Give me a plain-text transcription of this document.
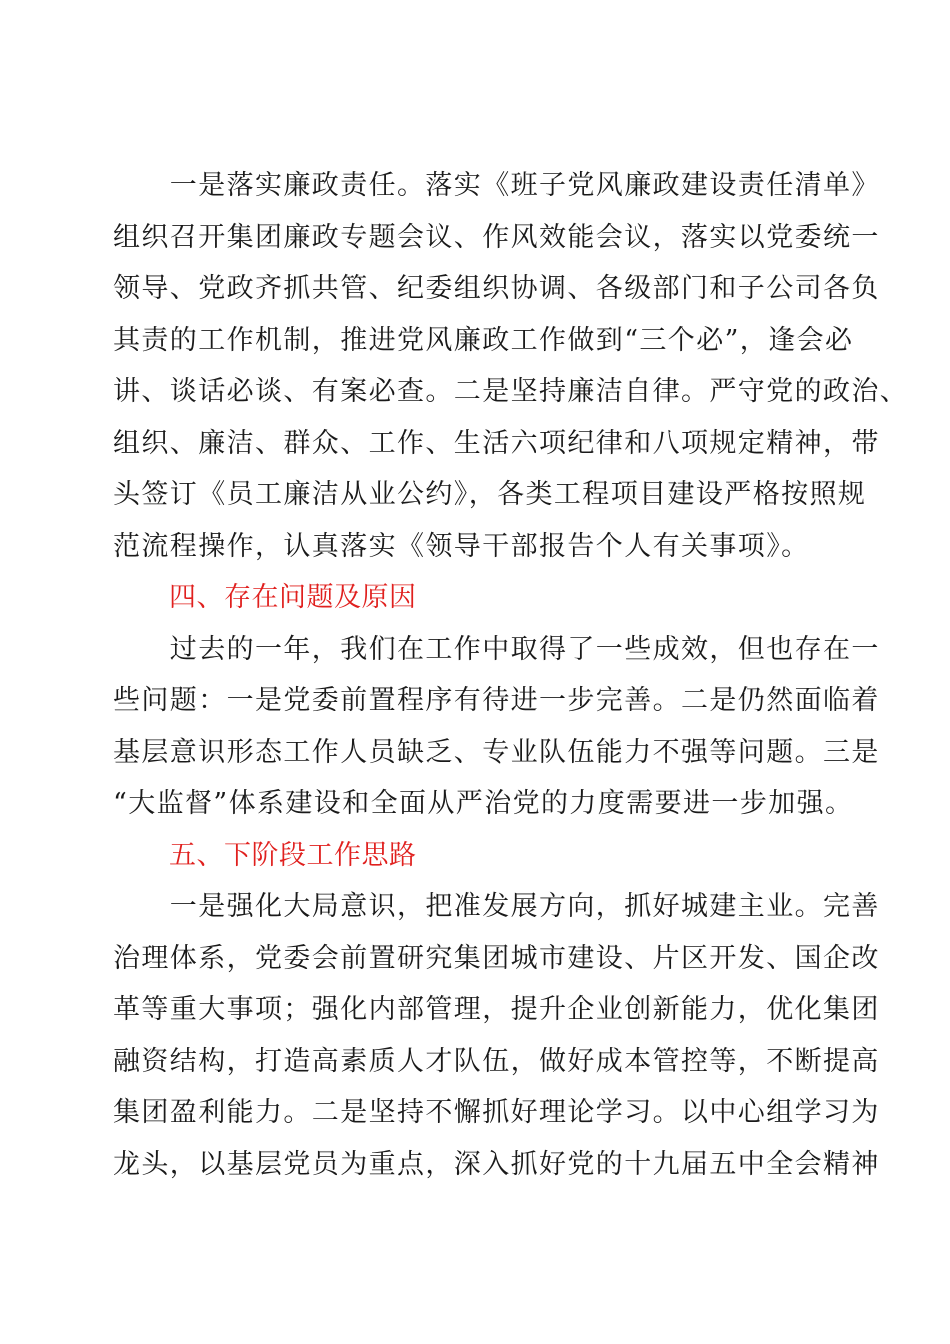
　　一是落实廉政责任。落实《班子党风廉政建设责任清单》
组织召开集团廉政专题会议、作风效能会议，落实以党委统一
领导、党政齐抓共管、纪委组织协调、各级部门和子公司各负
其责的工作机制，推进党风廉政工作做到“三个必”，逢会必
讲、谈话必谈、有案必查。二是坚持廉洁自律。严守党的政治、
组织、廉洁、群众、工作、生活六项纪律和八项规定精神，带
头签订《员工廉洁从业公约》，各类工程项目建设严格按照规
范流程操作，认真落实《领导干部报告个人有关事项》。
四、存在问题及原因
　　过去的一年，我们在工作中取得了一些成效，但也存在一
些问题：一是党委前置程序有待进一步完善。二是仍然面临着
基层意识形态工作人员缺乏、专业队伍能力不强等问题。三是
“大监督”体系建设和全面从严治党的力度需要进一步加强。
五、下阶段工作思路
　　一是强化大局意识，把准发展方向，抓好城建主业。完善
治理体系，党委会前置研究集团城市建设、片区开发、国企改
革等重大事项；强化内部管理，提升企业创新能力，优化集团
融资结构，打造高素质人才队伍，做好成本管控等，不断提高
集团盈利能力。二是坚持不懈抓好理论学习。以中心组学习为
龙头，以基层党员为重点，深入抓好党的十九届五中全会精神
